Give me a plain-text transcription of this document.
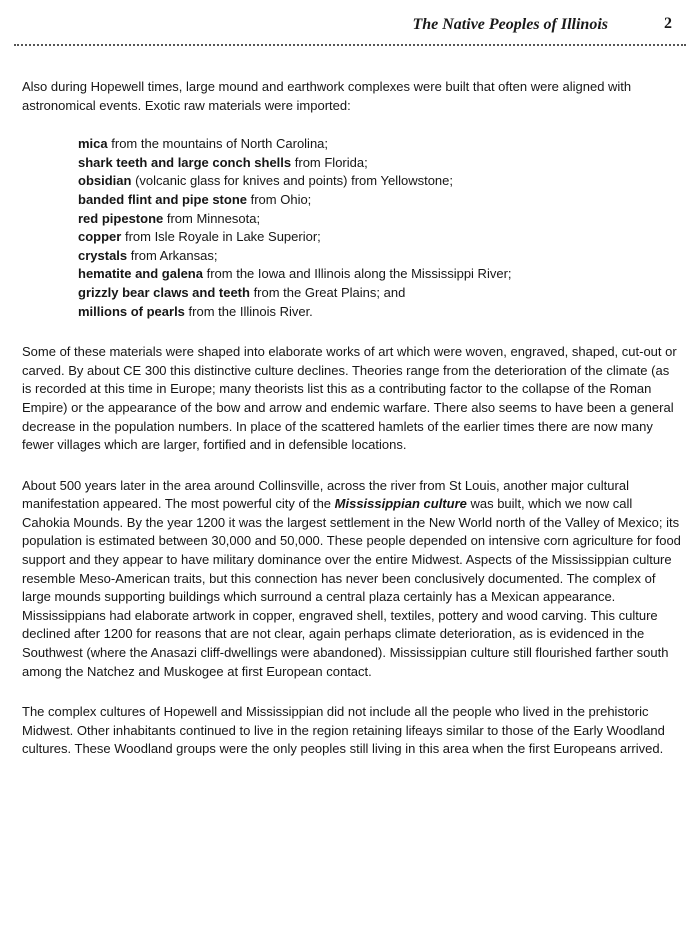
The Native Peoples of Illinois	2

Also during Hopewell times, large mound and earthwork complexes were built that often were aligned with astronomical events. Exotic raw materials were imported:

mica from the mountains of North Carolina;
shark teeth and large conch shells from Florida;
obsidian (volcanic glass for knives and points) from Yellowstone;
banded flint and pipe stone from Ohio;
red pipestone from Minnesota;
copper from Isle Royale in Lake Superior;
crystals from Arkansas;
hematite and galena from the Iowa and Illinois along the Mississippi River;
grizzly bear claws and teeth from the Great Plains; and
millions of pearls from the Illinois River.

Some of these materials were shaped into elaborate works of art which were woven, engraved, shaped, cut-out or carved. By about CE 300 this distinctive culture declines. Theories range from the deterioration of the climate (as is recorded at this time in Europe; many theorists list this as a contributing factor to the collapse of the Roman Empire) or the appearance of the bow and arrow and endemic warfare. There also seems to have been a general decrease in the population numbers. In place of the scattered hamlets of the earlier times there are now many fewer villages which are larger, fortified and in defensible locations.

About 500 years later in the area around Collinsville, across the river from St Louis, another major cultural manifestation appeared. The most powerful city of the Mississippian culture was built, which we now call Cahokia Mounds. By the year 1200 it was the largest settlement in the New World north of the Valley of Mexico; its population is estimated between 30,000 and 50,000. These people depended on intensive corn agriculture for food support and they appear to have military dominance over the entire Midwest. Aspects of the Mississippian culture resemble Meso-American traits, but this connection has never been conclusively documented. The complex of large mounds supporting buildings which surround a central plaza certainly has a Mexican appearance. Mississippians had elaborate artwork in copper, engraved shell, textiles, pottery and wood carving. This culture declined after 1200 for reasons that are not clear, again perhaps climate deterioration, as is evidenced in the Southwest (where the Anasazi cliff-dwellings were abandoned). Mississippian culture still flourished farther south among the Natchez and Muskogee at first European contact.

The complex cultures of Hopewell and Mississippian did not include all the people who lived in the prehistoric Midwest. Other inhabitants continued to live in the region retaining lifeays similar to those of the Early Woodland cultures. These Woodland groups were the only peoples still living in this area when the first Europeans arrived.
